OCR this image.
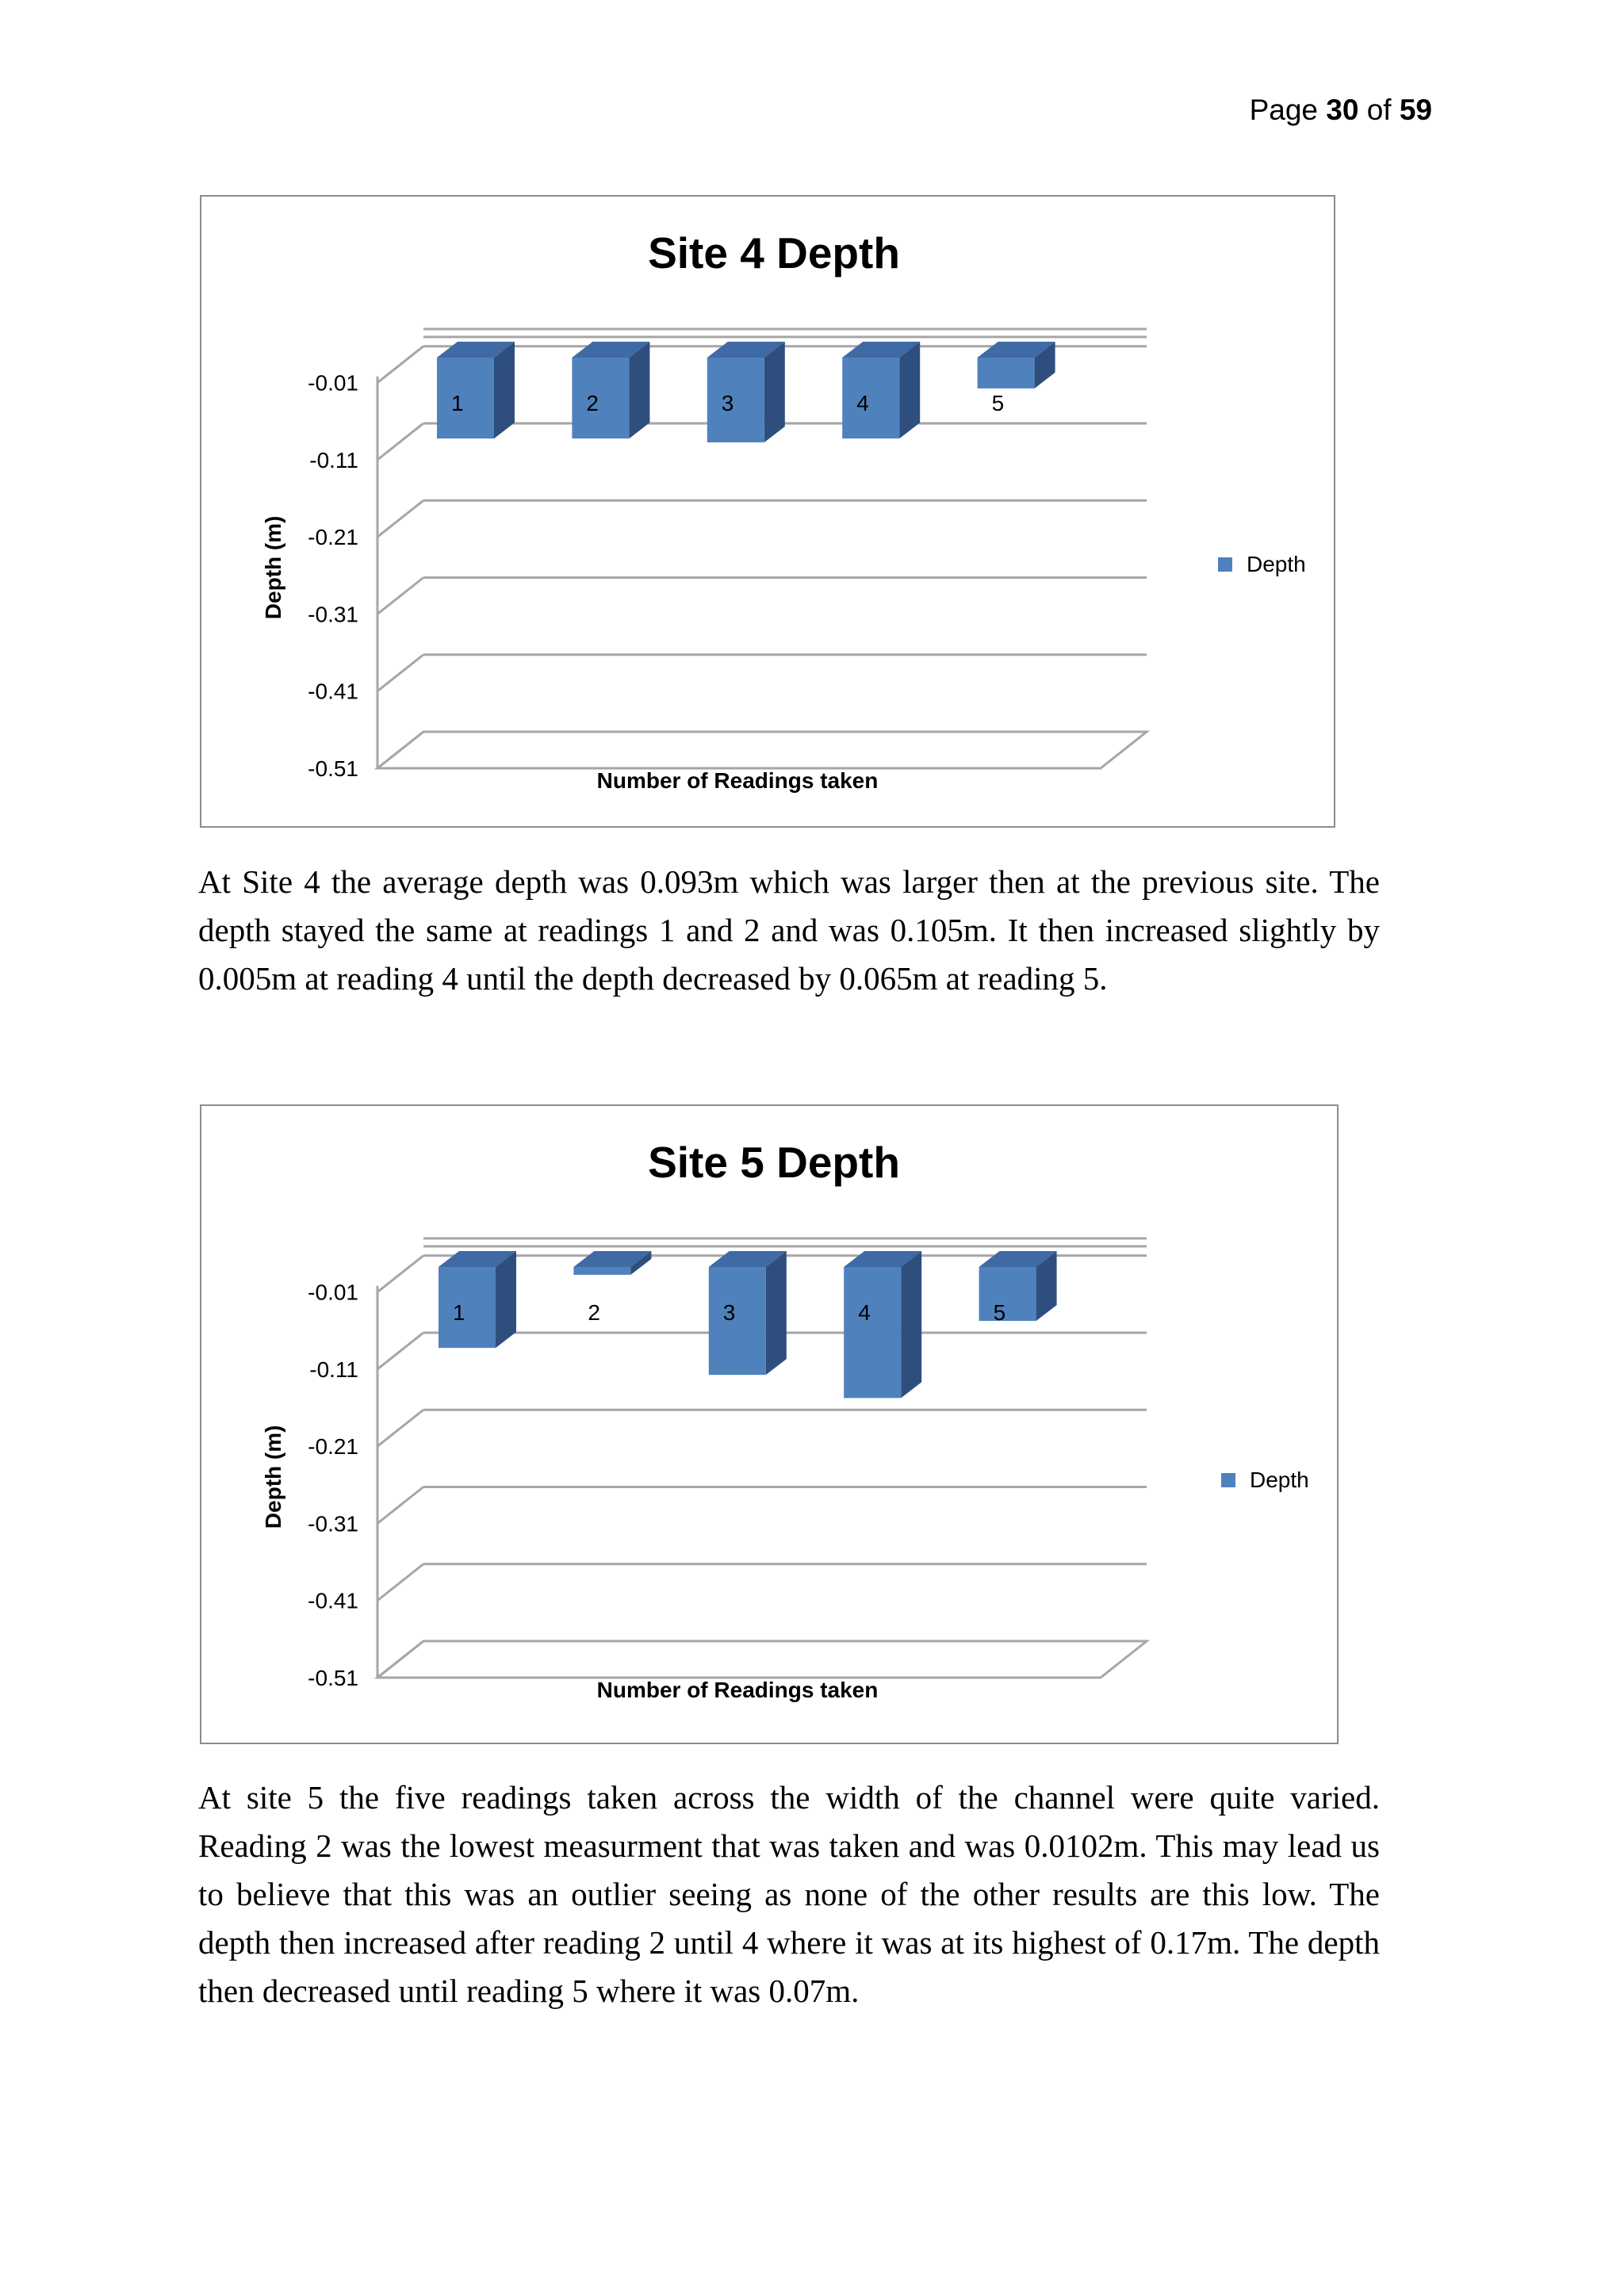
Page 30 of 59
Site 4 Depth
-0.01
-0.11
-0.21
-0.31
-0.41
-0.51
1	2	3	4	5
Depth (m)
Number of Readings taken
Depth

At Site 4 the average depth was 0.093m which was larger then at the previous site. The depth stayed the same at readings 1 and 2 and was 0.105m. It then increased slightly by 0.005m at reading 4 until the depth decreased by 0.065m at reading 5.

Site 5 Depth
-0.01
-0.11
-0.21
-0.31
-0.41
-0.51
1	2	3	4	5
Depth (m)
Number of Readings taken
Depth

At site 5 the five readings taken across the width of the channel were quite varied. Reading 2 was the lowest measurment that was taken and was 0.0102m. This may lead us to believe that this was an outlier seeing as none of the other results are this low. The depth then increased after reading 2 until 4 where it was at its highest of 0.17m. The depth then decreased until reading 5 where it was 0.07m.
